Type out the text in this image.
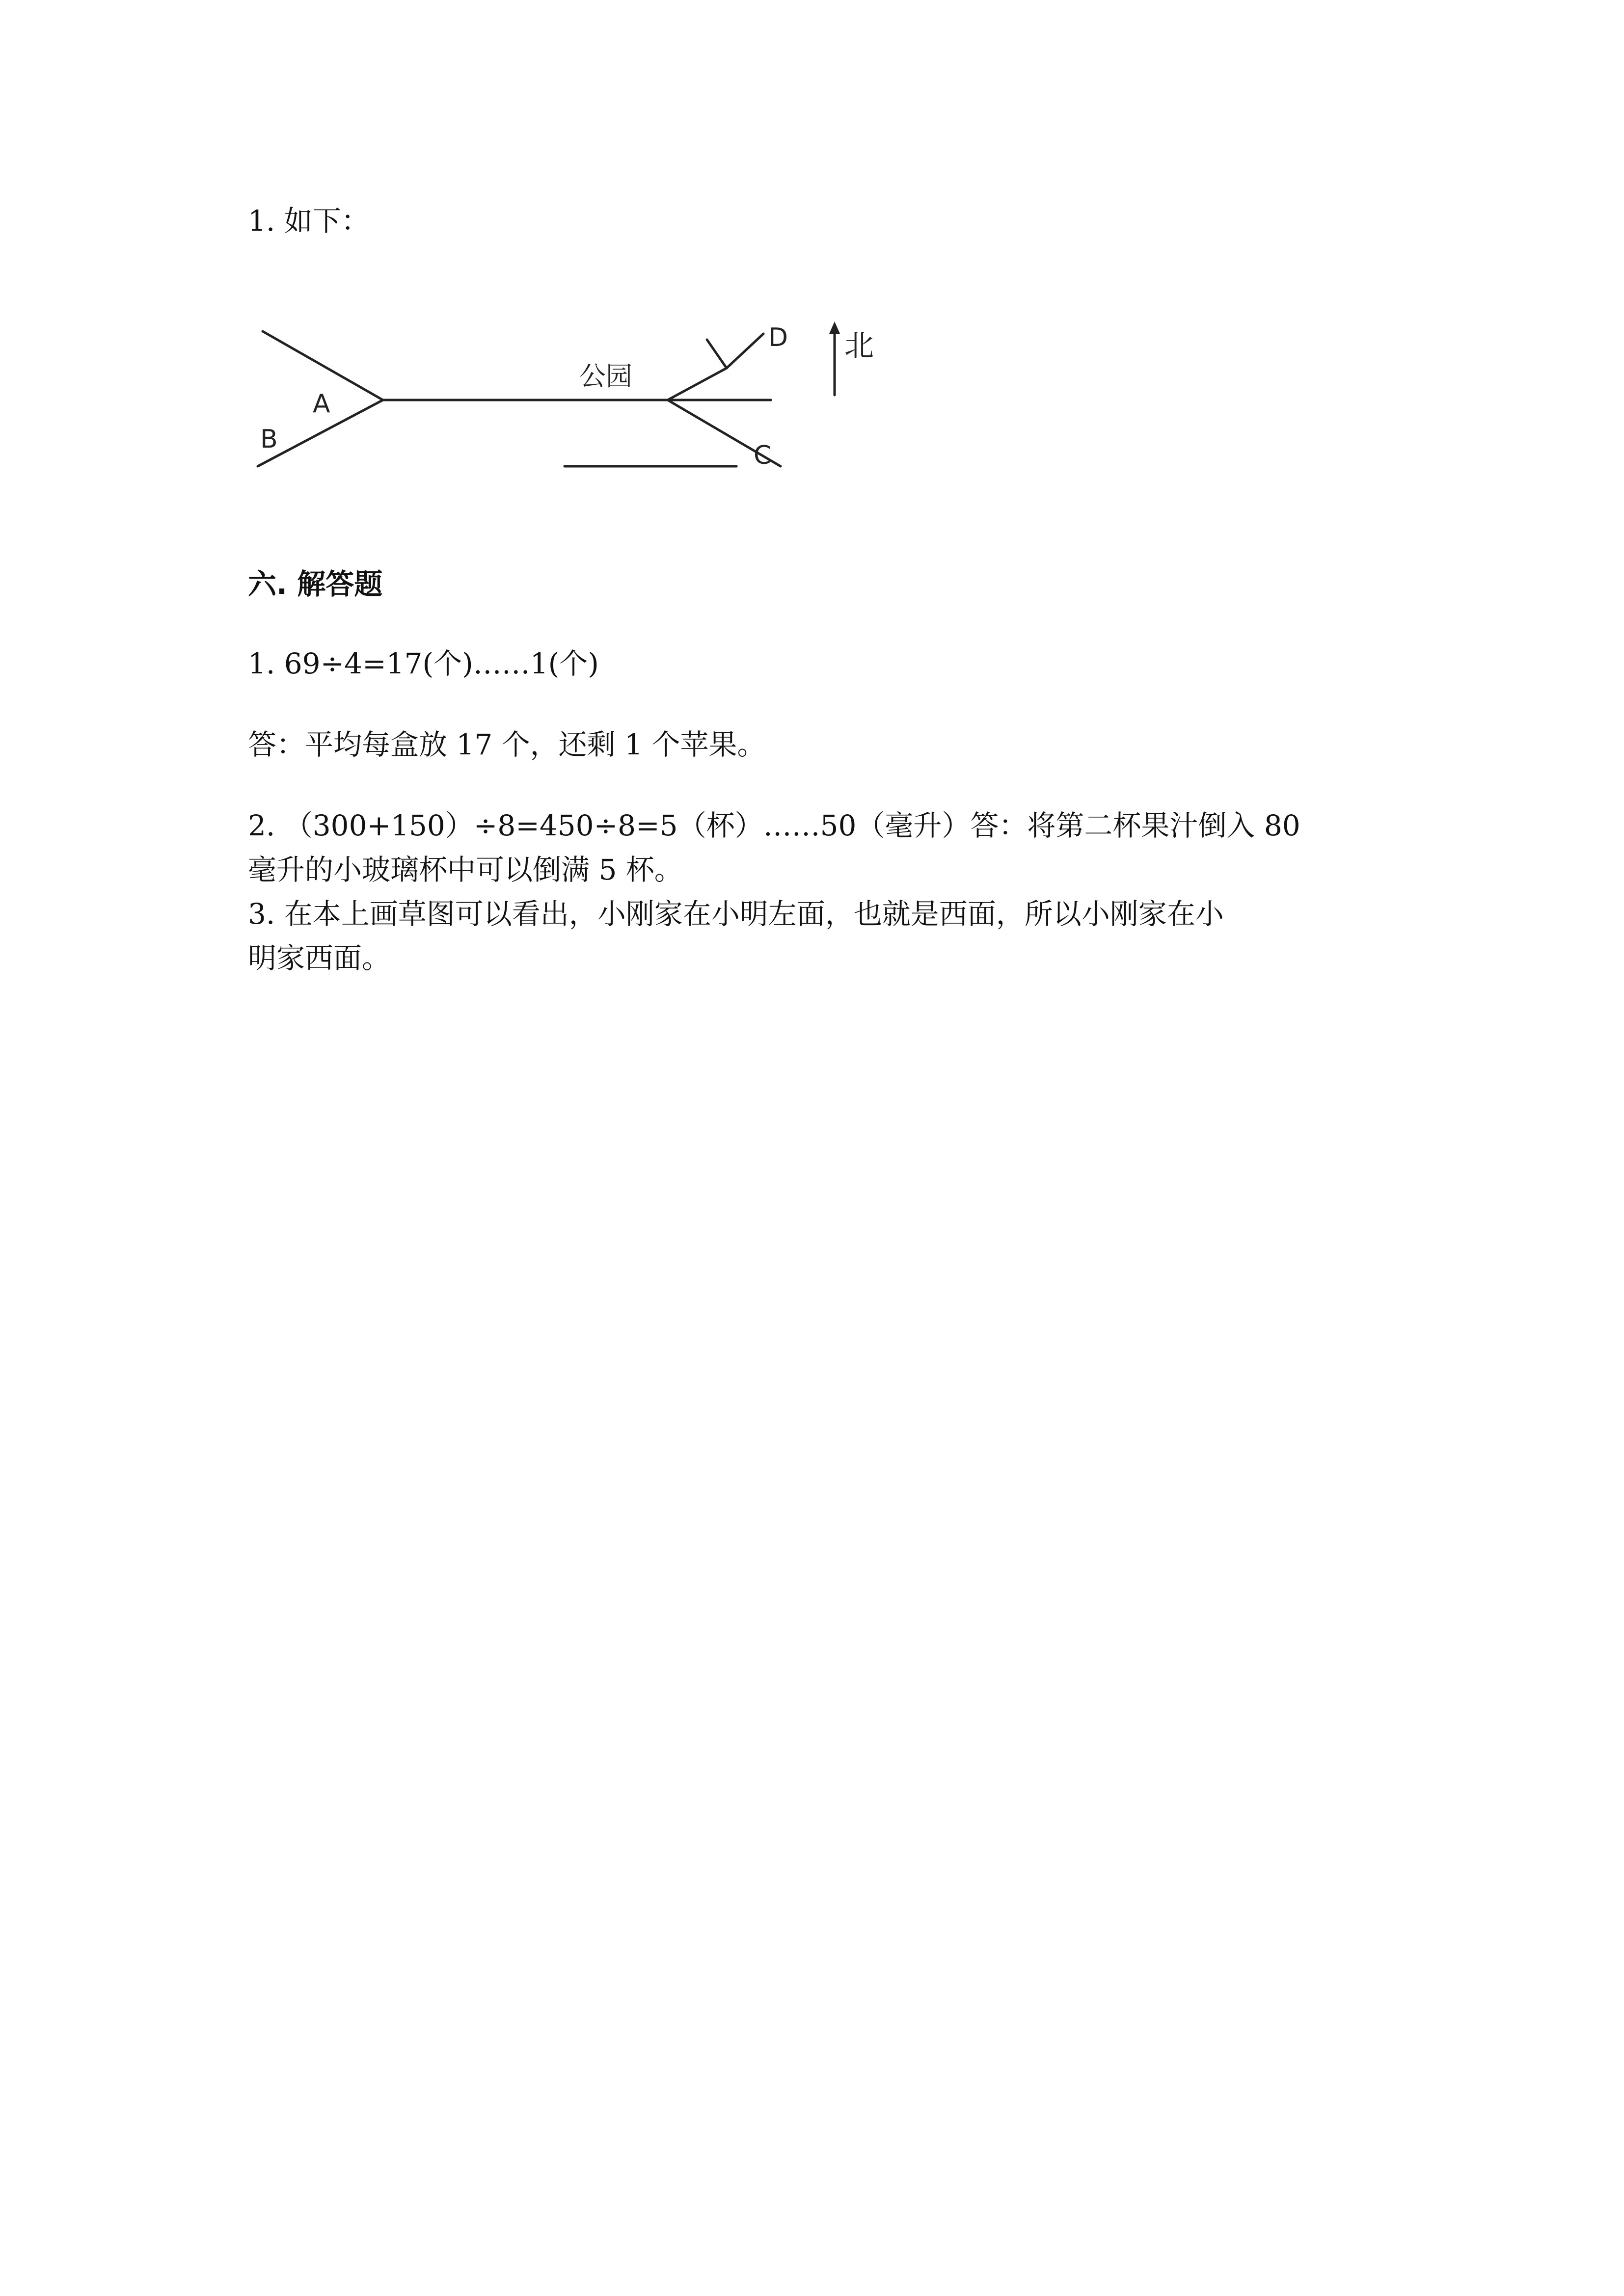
1. 如下：
公园
A
B
C
D 北
六. 解答题
1. 69÷4=17(个)……1(个)
答：平均每盒放 17 个，还剩 1 个苹果。
2. （300+150）÷8=450÷8=5（杯）……50（毫升）答：将第二杯果汁倒入 80
毫升的小玻璃杯中可以倒满 5 杯。
3. 在本上画草图可以看出，小刚家在小明左面，也就是西面，所以小刚家在小
明家西面。
